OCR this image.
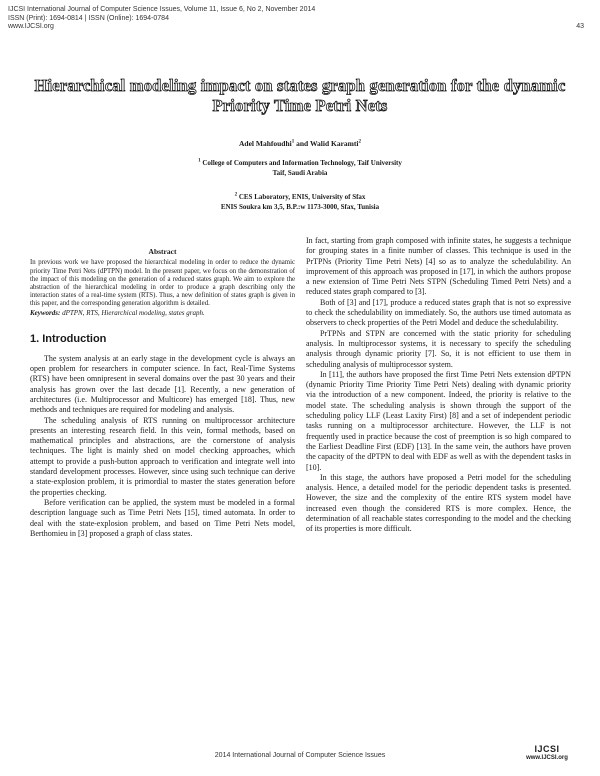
IJCSI International Journal of Computer Science Issues, Volume 11, Issue 6, No 2, November 2014
ISSN (Print): 1694-0814 | ISSN (Online): 1694-0784
www.IJCSI.org	43
Hierarchical modeling impact on states graph generation for the dynamic Priority Time Petri Nets
Adel Mahfoudhi$^1$ and Walid Karamti$^2$
$^1$ College of Computers and Information Technology, Taif University
Taif, Saudi Arabia
$^2$ CES Laboratory, ENIS, University of Sfax
ENIS Soukra km 3,5, B.P.:w 1173-3000, Sfax, Tunisia
Abstract

In previous work we have proposed the hierarchical modeling in order to reduce the dynamic priority Time Petri Nets (dPTPN) model. In the present paper, we focus on the demonstration of the impact of this modeling on the generation of a reduced states graph. We aim to explore the abstraction of the hierarchical modeling in order to produce a graph describing only the interaction states of a real-time system (RTS). Thus, a new definition of states graph is given in this paper, and the corresponding generation algorithm is detailed.

Keywords: dPTPN, RTS, Hierarchical modeling, states graph.

1. Introduction

The system analysis at an early stage in the development cycle is always an open problem for researchers in computer science. In fact, Real-Time Systems (RTS) have been omnipresent in several domains over the past 30 years and their analysis has grown over the last decade [1]. Recently, a new generation of architectures (i.e. Multiprocessor and Multicore) has emerged [18]. Thus, new methods and techniques are required for modeling and analysis.

The scheduling analysis of RTS running on multiprocessor architecture presents an interesting research field. In this vein, formal methods, based on mathematical principles and abstractions, are the cornerstone of analysis techniques. The light is mainly shed on model checking approaches, which attempt to provide a push-button approach to verification and integrate well into standard development processes. However, since using such technique can derive a state-explosion problem, it is primordial to master the states generation before the properties checking.

Before verification can be applied, the system must be modeled in a formal description language such as Time Petri Nets [15], timed automata. In order to deal with the state-explosion problem, and based on Time Petri Nets model, Berthomieu in [3] proposed a graph of class states.

In fact, starting from graph composed with infinite states, he suggests a technique for grouping states in a finite number of classes. This technique is used in the PrTPNs (Priority Time Petri Nets) [4] so as to analyze the schedulability. An improvement of this approach was proposed in [17], in which the authors propose a new extension of Time Petri Nets STPN (Scheduling Timed Petri Nets) and a reduced states graph compared to [3].

Both of [3] and [17], produce a reduced states graph that is not so expressive to check the schedulability on immediately. So, the authors use timed automata as observers to check properties of the Petri Model and deduce the schedulability.

PrTPNs and STPN are concerned with the static priority for scheduling analysis. In multiprocessor systems, it is necessary to specify the scheduling analysis through dynamic priority [7]. So, it is not efficient to use them in scheduling analysis of multiprocessor system.

In [11], the authors have proposed the first Time Petri Nets extension dPTPN (dynamic Priority Time Priority Time Petri Nets) dealing with dynamic priority via the introduction of a new component. Indeed, the priority is relative to the model state. The scheduling analysis is shown through the support of the scheduling policy LLF (Least Laxity First) [8] and a set of independent periodic tasks running on a multiprocessor architecture. However, the LLF is not frequently used in practice because the cost of preemption is so high compared to the Earliest Deadline First (EDF) [13]. In the same vein, the authors have proven the capacity of the dPTPN to deal with EDF as well as with the dependent tasks in [10].

In this stage, the authors have proposed a Petri model for the scheduling analysis. Hence, a detailed model for the periodic dependent tasks is presented. However, the size and the complexity of the entire RTS system model have increased even though the considered RTS is more complex. Hence, the determination of all reachable states corresponding to the model and the checking of its properties is more difficult.

2014 International Journal of Computer Science Issues
IJCSI
www.IJCSI.org
